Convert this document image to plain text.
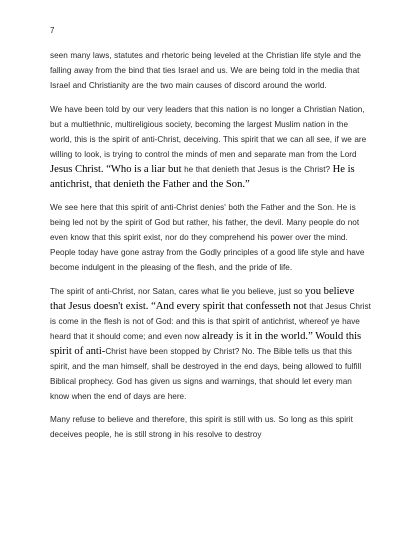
7

seen many laws, statutes and rhetoric being leveled at the Christian life style and the falling away from the bind that ties Israel and us. We are being told in the media that Israel and Christianity are the two main causes of discord around the world.

We have been told by our very leaders that this nation is no longer a Christian Nation, but a multiethnic, multireligious society, becoming the largest Muslim nation in the world, this is the spirit of anti-Christ, deceiving. This spirit that we can all see, if we are willing to look, is trying to control the minds of men and separate man from the Lord Jesus Christ. “Who is a liar but he that denieth that Jesus is the Christ? He is antichrist, that denieth the Father and the Son.”

We see here that this spirit of anti-Christ denies' both the Father and the Son. He is being led not by the spirit of God but rather, his father, the devil. Many people do not even know that this spirit exist, nor do they comprehend his power over the mind. People today have gone astray from the Godly principles of a good life style and have become indulgent in the pleasing of the flesh, and the pride of life.

The spirit of anti-Christ, nor Satan, cares what lie you believe, just so you believe that Jesus doesn't exist. “And every spirit that confesseth not that Jesus Christ is come in the flesh is not of God: and this is that spirit of antichrist, whereof ye have heard that it should come; and even now already is it in the world.” Would this spirit of anti-Christ have been stopped by Christ? No. The Bible tells us that this spirit, and the man himself, shall be destroyed in the end days, being allowed to fulfill Biblical prophecy. God has given us signs and warnings, that should let every man know when the end of days are here.

Many refuse to believe and therefore, this spirit is still with us. So long as this spirit deceives people, he is still strong in his resolve to destroy
